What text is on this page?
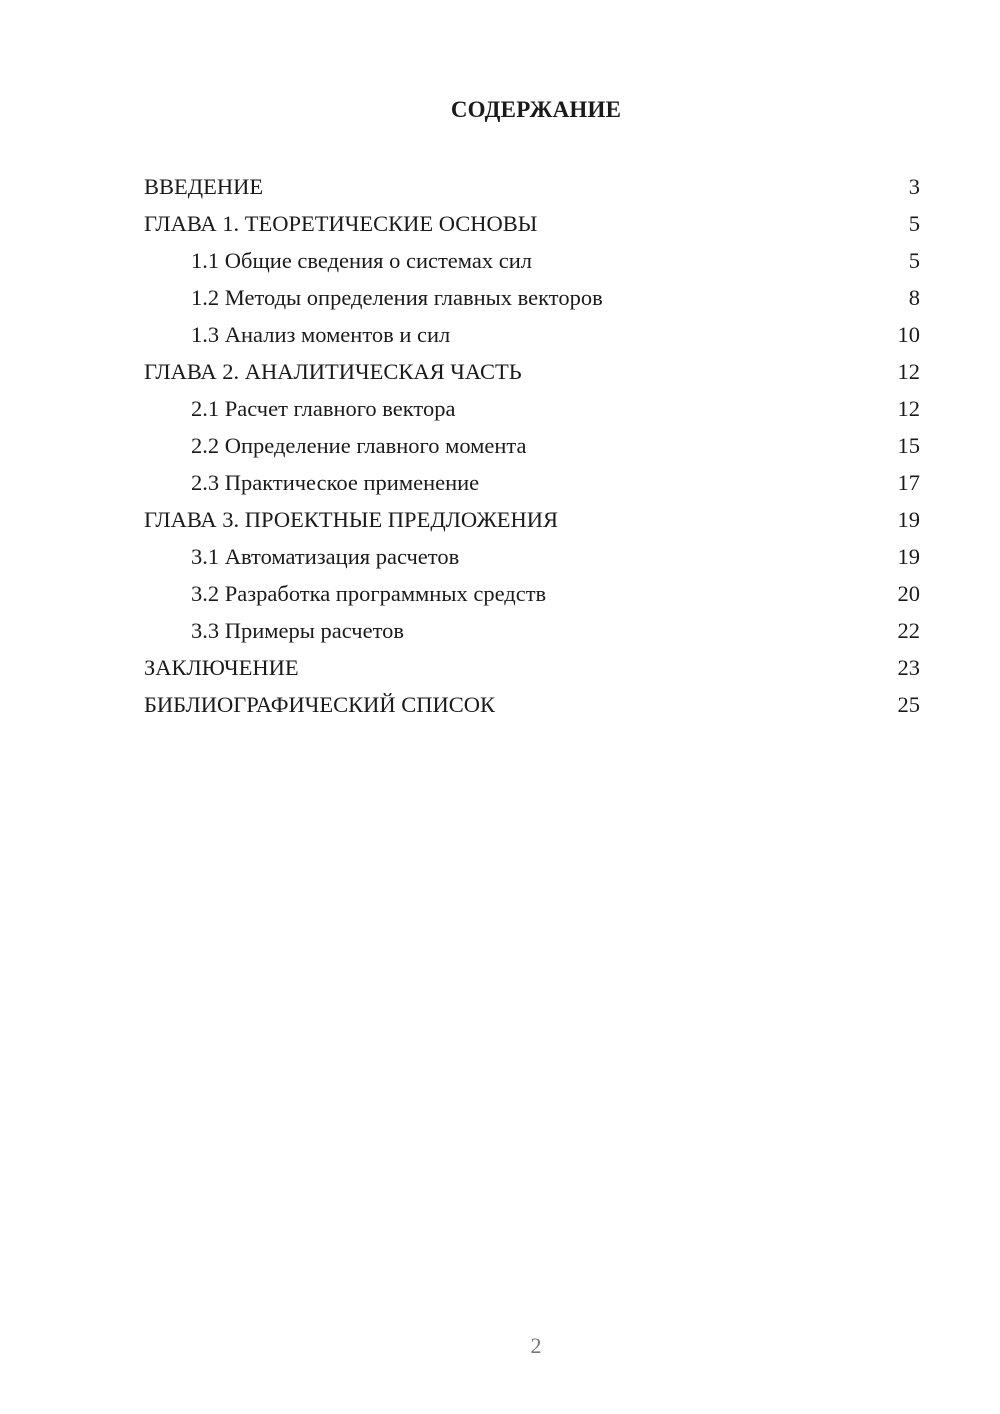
СОДЕРЖАНИЕ
ВВЕДЕНИЕ	3
ГЛАВА 1. ТЕОРЕТИЧЕСКИЕ ОСНОВЫ	5
1.1 Общие сведения о системах сил	5
1.2 Методы определения главных векторов	8
1.3 Анализ моментов и сил	10
ГЛАВА 2. АНАЛИТИЧЕСКАЯ ЧАСТЬ	12
2.1 Расчет главного вектора	12
2.2 Определение главного момента	15
2.3 Практическое применение	17
ГЛАВА 3. ПРОЕКТНЫЕ ПРЕДЛОЖЕНИЯ	19
3.1 Автоматизация расчетов	19
3.2 Разработка программных средств	20
3.3 Примеры расчетов	22
ЗАКЛЮЧЕНИЕ	23
БИБЛИОГРАФИЧЕСКИЙ СПИСОК	25
2
